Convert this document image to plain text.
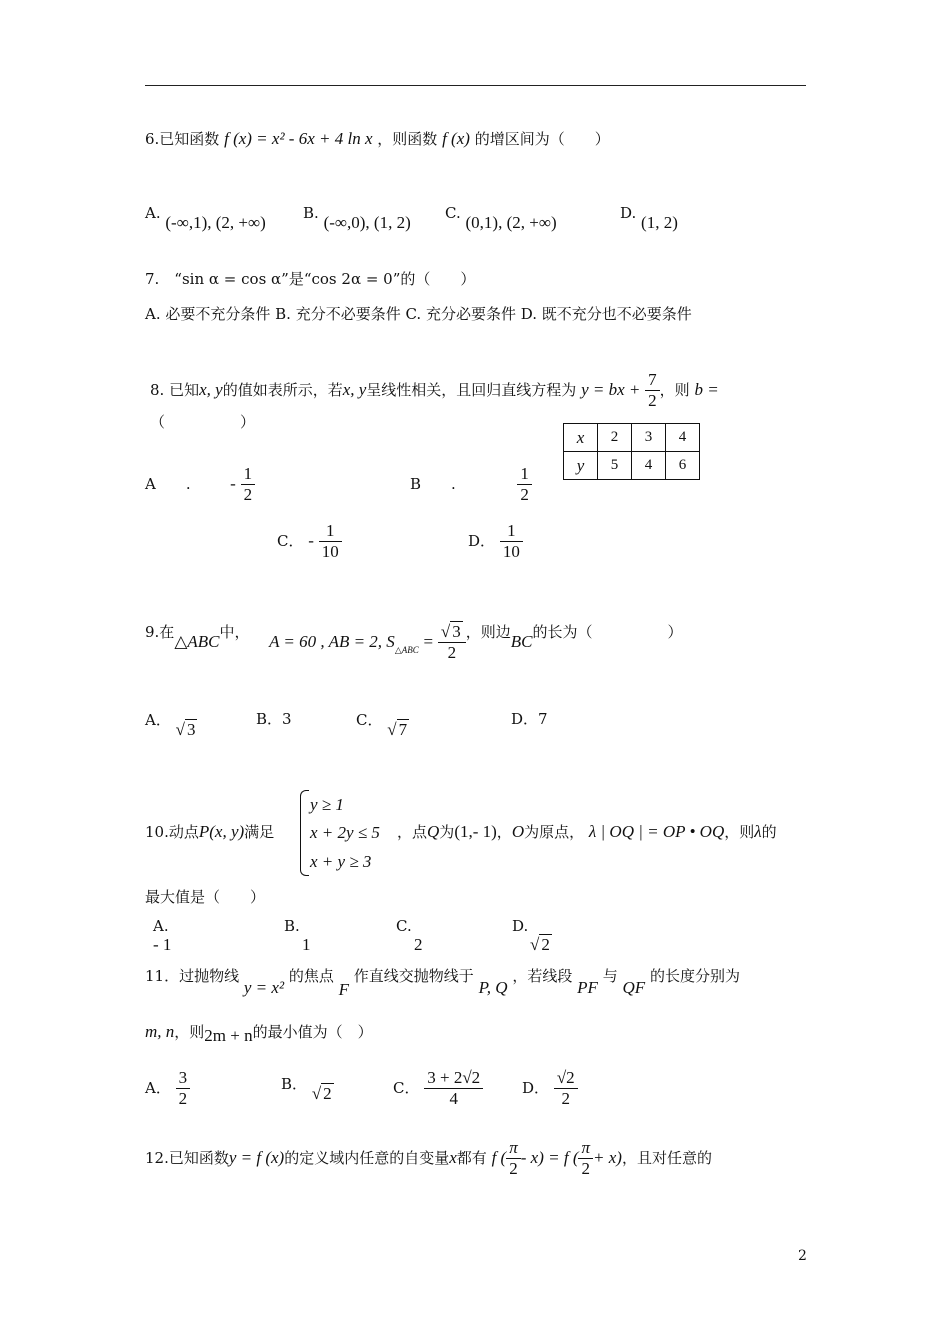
6.已知函数 f (x) = x² - 6x + 4 ln x ，则函数 f (x) 的增区间为（　　）
A. (-∞,1), (2, +∞) B. (-∞,0), (1, 2) C. (0,1), (2, +∞)	D. (1, 2)
7.　“sin α = cos α”是“cos 2α = 0”的（　　）
A. 必要不充分条件 B. 充分不必要条件 C. 充分必要条件 D. 既不充分也不必要条件
8. 已知x, y的值如表所示，若x, y呈线性相关，且回归直线方程为 y = bx + $\frac{7}{2}$ ，则 b =
（　　　　　）
x	2	3	4
y	5	4	6
A　　. - $\frac{1}{2}$	B　　.	$\frac{1}{2}$
C． - $\frac{1}{10}$	D． $\frac{1}{10}$
9.在△ABC中， A = 60 , AB = 2, $S_{\triangle ABC} = \frac{√ 3}{2}$ ，则边BC的长为（　　　　　）
A． √ 3
B．3	C． √ 7
D．7
10.动点P(x, y)满足
y ≥ 1
x + 2y ≤ 5
x + y ≥ 3
，点Q为(1,- 1)，O为原点， λ | OQ | = OP • OQ，则λ的
最大值是（　　）
A.
- 1
B.
1
C.
2
D.
√ 2
11．过抛物线 y = x² 的焦点 F 作直线交抛物线于 P, Q ，若线段 PF 与 QF 的长度分别为
m, n，则2m + n的最小值为（　）
A． $\frac{3}{2}$	B． √ 2	C． $\frac{3 + 2√2}{4}$	D． $\frac{√2}{2}$
12.已知函数y = f (x)的定义域内任意的自变量x都有 f ( $\frac{\pi}{2} - x) = f$ ( $\frac{\pi}{2} + x$)，且对任意的
2
